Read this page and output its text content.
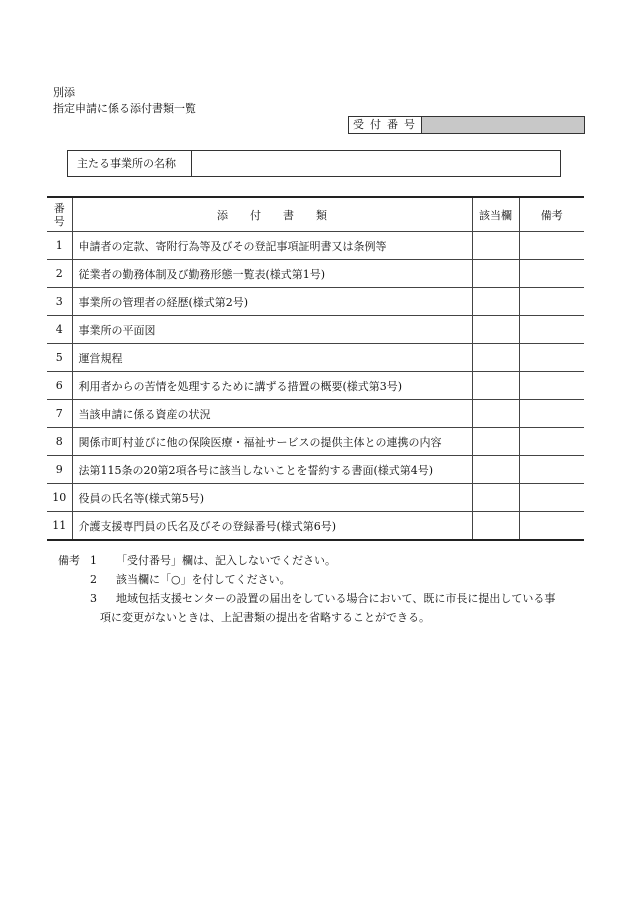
別添
指定申請に係る添付書類一覧
受付番号
主たる事業所の名称
番号	添付書類	該当欄	備考
1	申請者の定款、寄附行為等及びその登記事項証明書又は条例等		
2	従業者の勤務体制及び勤務形態一覧表(様式第1号)		
3	事業所の管理者の経歴(様式第2号)		
4	事業所の平面図		
5	運営規程		
6	利用者からの苦情を処理するために講ずる措置の概要(様式第3号)		
7	当該申請に係る資産の状況		
8	関係市町村並びに他の保険医療・福祉サービスの提供主体との連携の内容		
9	法第115条の20第2項各号に該当しないことを誓約する書面(様式第4号)		
10	役員の氏名等(様式第5号)		
11	介護支援専門員の氏名及びその登録番号(様式第6号)		
備考 1	「受付番号」欄は、記入しないでください。
2	該当欄に「○」を付してください。
3	地域包括支援センターの設置の届出をしている場合において、既に市長に提出している事
項に変更がないときは、上記書類の提出を省略することができる。
